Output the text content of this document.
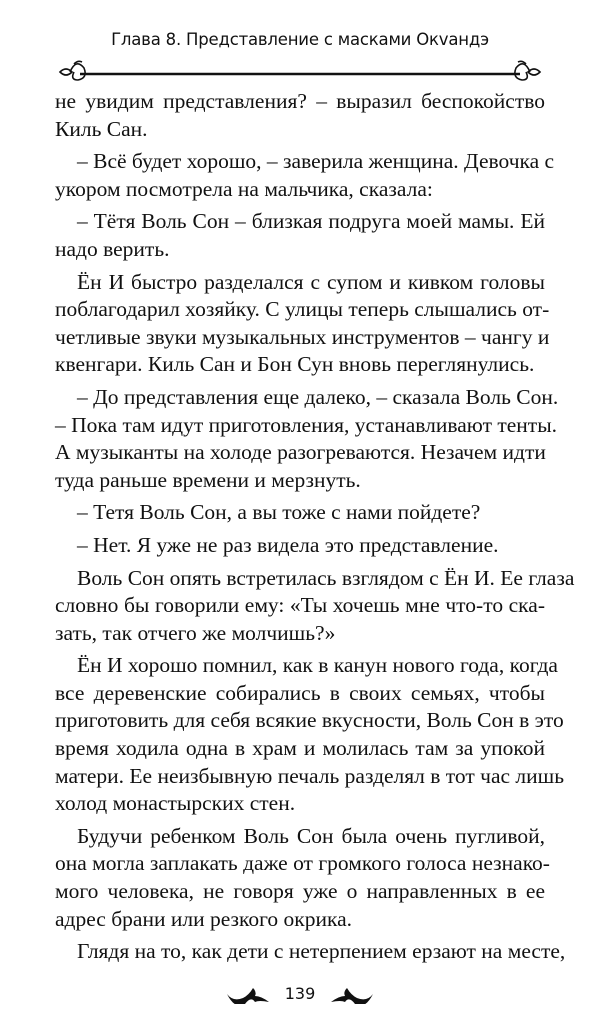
Глава 8. Представление с масками Окvандэ
не увидим представления? – выразил беспокойство
Киль Сан.
– Всё будет хорошо, – заверила женщина. Девочка с
укором посмотрела на мальчика, сказала:
– Тётя Воль Сон – близкая подруга моей мамы. Ей
надо верить.
Ён И быстро разделался с супом и кивком головы
поблагодарил хозяйку. С улицы теперь слышались от-
четливые звуки музыкальных инструментов – чангу и
квенгари. Киль Сан и Бон Сун вновь переглянулись.
– До представления еще далеко, – сказала Воль Сон.
– Пока там идут приготовления, устанавливают тенты.
А музыканты на холоде разогреваются. Незачем идти
туда раньше времени и мерзнуть.
– Тетя Воль Сон, а вы тоже с нами пойдете?
– Нет. Я уже не раз видела это представление.
Воль Сон опять встретилась взглядом с Ён И. Ее глаза
словно бы говорили ему: «Ты хочешь мне что-то ска-
зать, так отчего же молчишь?»
Ён И хорошо помнил, как в канун нового года, когда
все деревенские собирались в своих семьях, чтобы
приготовить для себя всякие вкусности, Воль Сон в это
время ходила одна в храм и молилась там за упокой
матери. Ее неизбывную печаль разделял в тот час лишь
холод монастырских стен.
Будучи ребенком Воль Сон была очень пугливой,
она могла заплакать даже от громкого голоса незнако-
мого человека, не говоря уже о направленных в ее
адрес брани или резкого окрика.
Глядя на то, как дети с нетерпением ерзают на месте,
139
